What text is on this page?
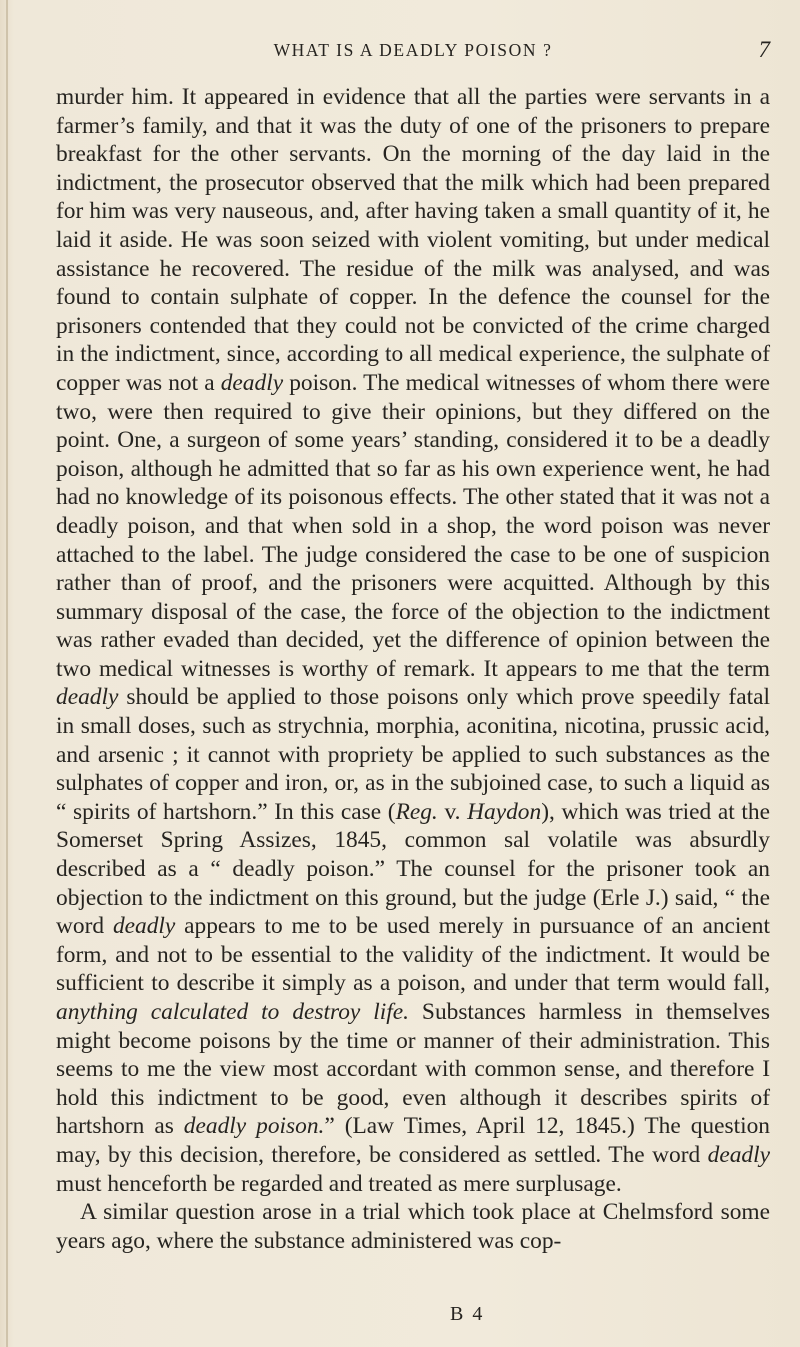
WHAT IS A DEADLY POISON ?	7

murder him. It appeared in evidence that all the parties were servants in a farmer’s family, and that it was the duty of one of the prisoners to prepare breakfast for the other servants. On the morning of the day laid in the indictment, the prosecutor observed that the milk which had been prepared for him was very nauseous, and, after having taken a small quantity of it, he laid it aside. He was soon seized with violent vomiting, but under medical assistance he recovered. The residue of the milk was analysed, and was found to contain sulphate of copper. In the defence the counsel for the prisoners contended that they could not be convicted of the crime charged in the indictment, since, according to all medical experience, the sulphate of copper was not a deadly poison. The medical witnesses of whom there were two, were then required to give their opinions, but they differed on the point. One, a surgeon of some years’ standing, considered it to be a deadly poison, although he admitted that so far as his own experience went, he had had no knowledge of its poisonous effects. The other stated that it was not a deadly poison, and that when sold in a shop, the word poison was never attached to the label. The judge considered the case to be one of suspicion rather than of proof, and the prisoners were acquitted. Although by this summary disposal of the case, the force of the objection to the indictment was rather evaded than decided, yet the difference of opinion between the two medical witnesses is worthy of remark. It appears to me that the term deadly should be applied to those poisons only which prove speedily fatal in small doses, such as strychnia, morphia, aconitina, nicotina, prussic acid, and arsenic ; it cannot with propriety be applied to such substances as the sulphates of copper and iron, or, as in the subjoined case, to such a liquid as “ spirits of hartshorn.” In this case (Reg. v. Haydon), which was tried at the Somerset Spring Assizes, 1845, common sal volatile was absurdly described as a “ deadly poison.” The counsel for the prisoner took an objection to the indictment on this ground, but the judge (Erle J.) said, “ the word deadly appears to me to be used merely in pursuance of an ancient form, and not to be essential to the validity of the indictment. It would be sufficient to describe it simply as a poison, and under that term would fall, anything calculated to destroy life. Substances harmless in themselves might become poisons by the time or manner of their administration. This seems to me the view most accordant with common sense, and therefore I hold this indictment to be good, even although it describes spirits of hartshorn as deadly poison.” (Law Times, April 12, 1845.) The question may, by this decision, therefore, be considered as settled. The word deadly must henceforth be regarded and treated as mere surplusage.

A similar question arose in a trial which took place at Chelmsford some years ago, where the substance administered was cop-

B 4
